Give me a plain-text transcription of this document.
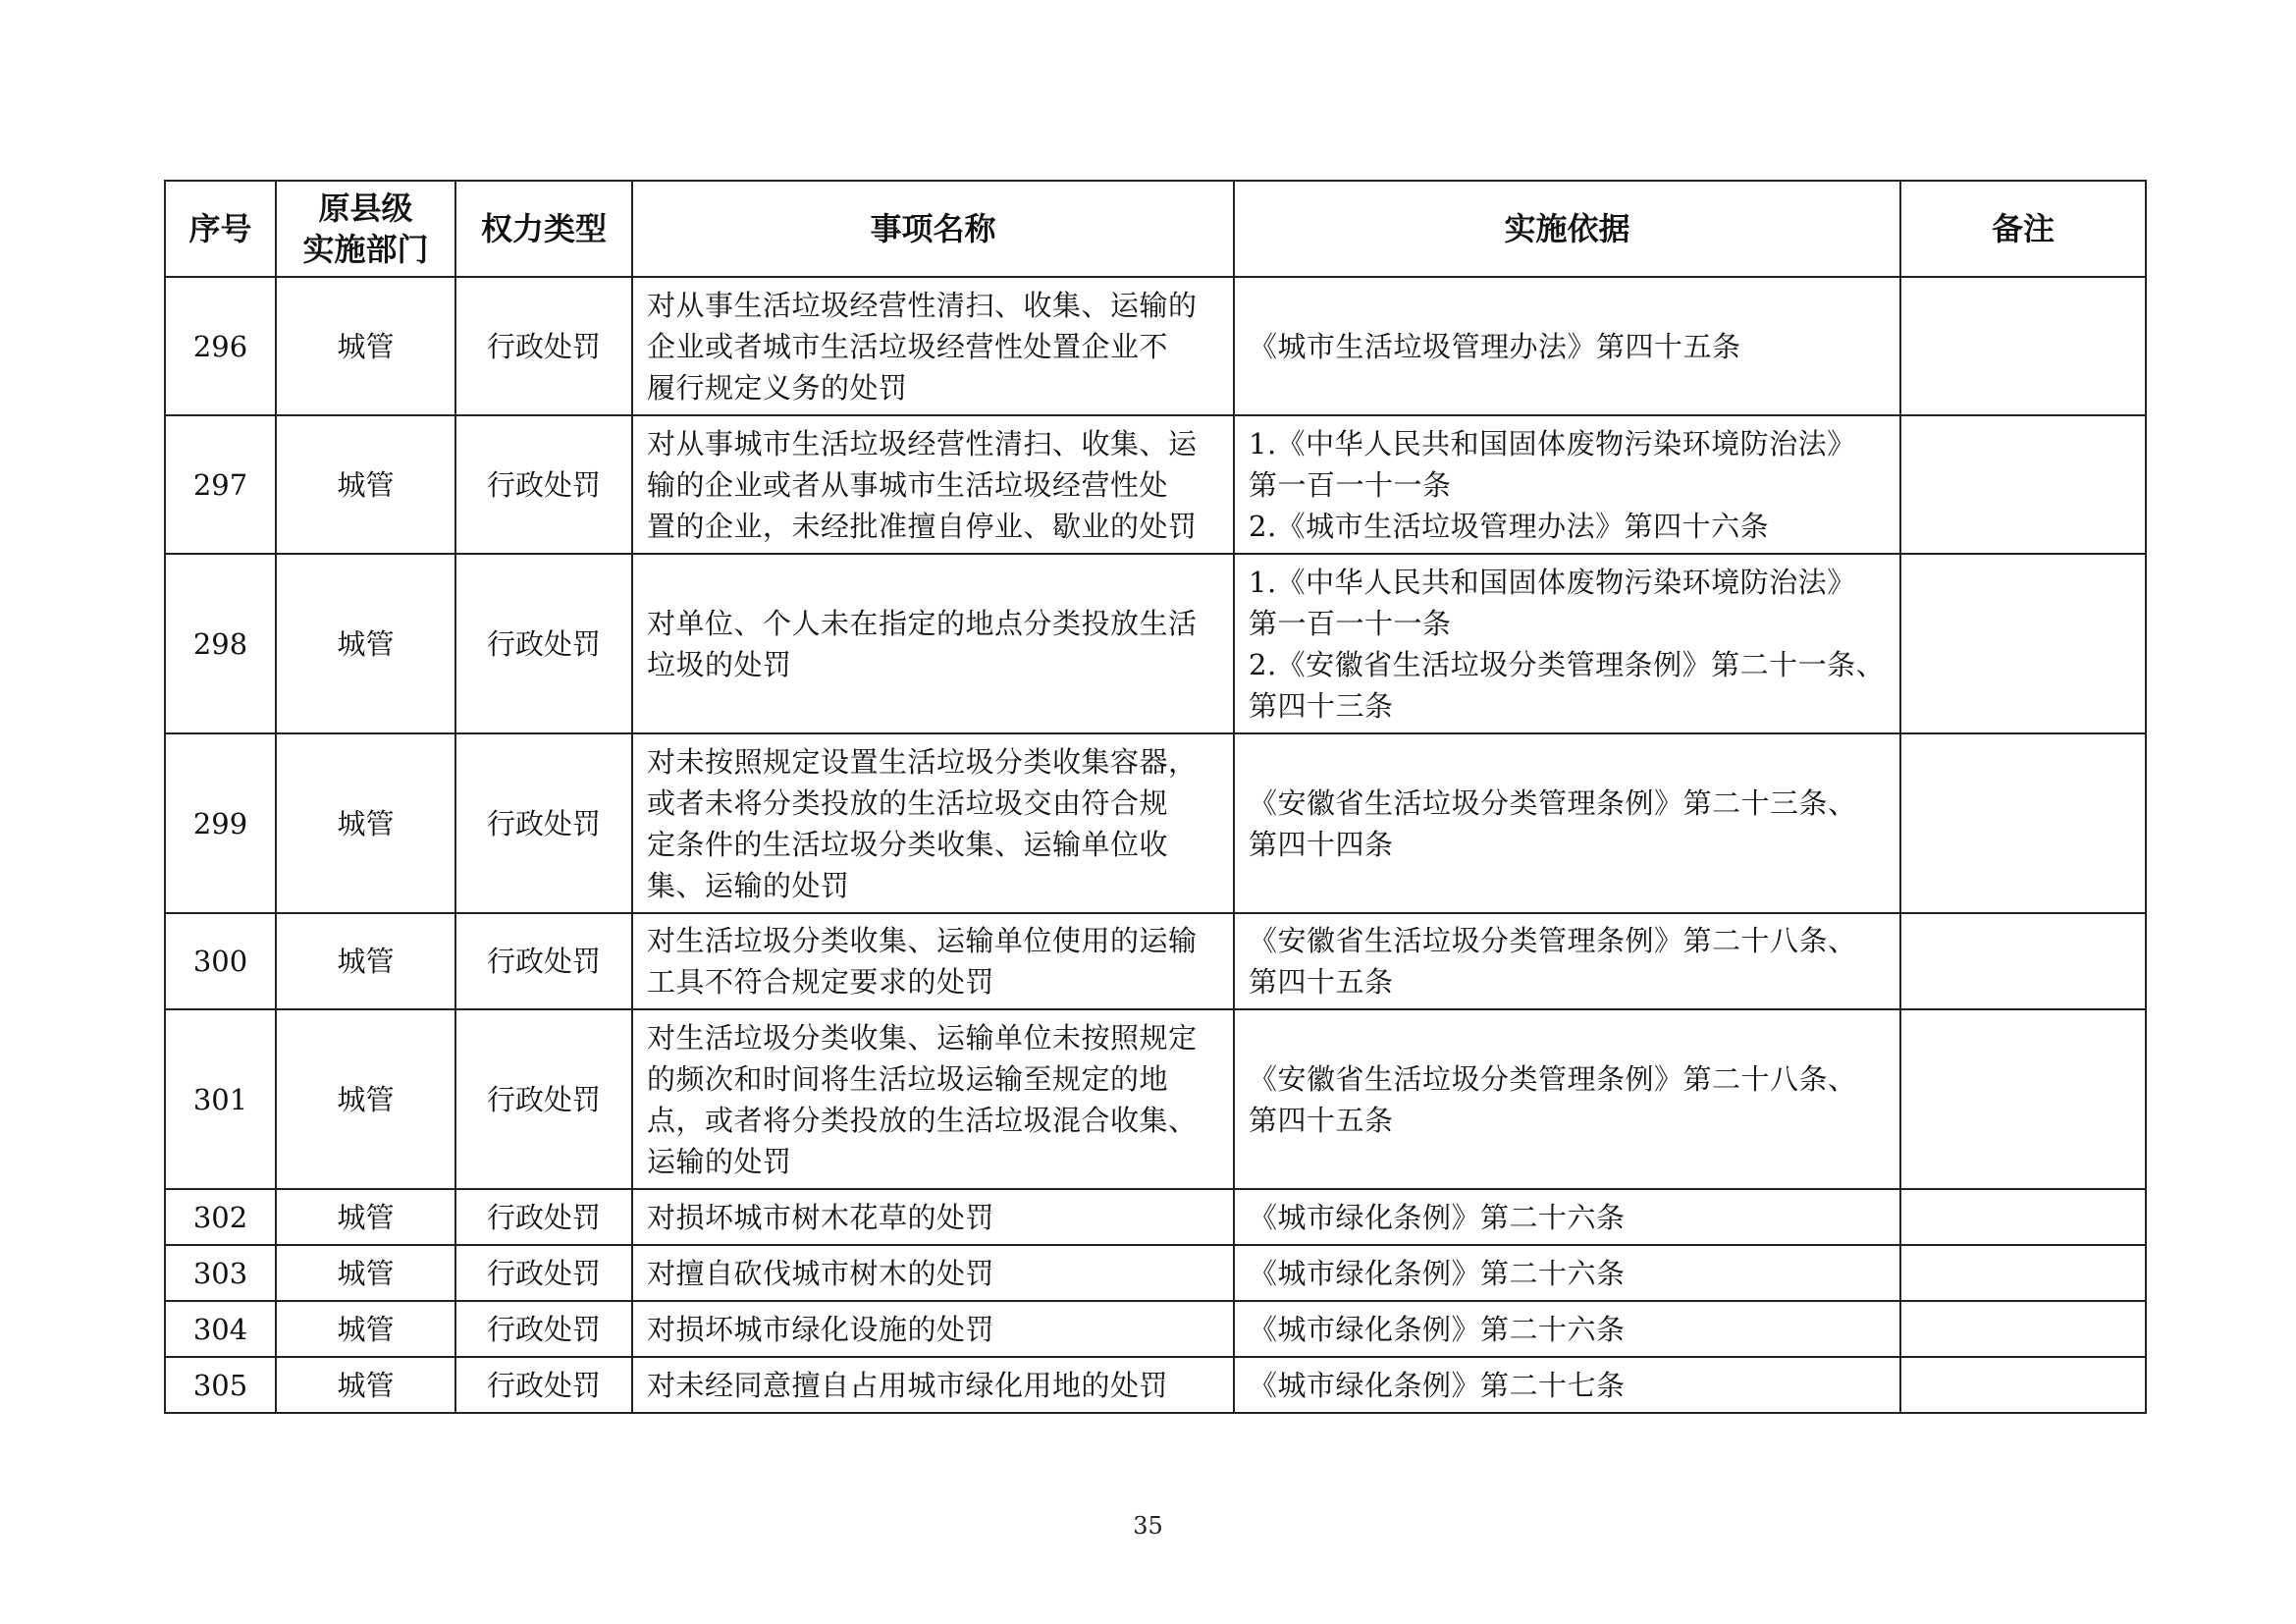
序号	原县级
实施部门	权力类型	事项名称	实施依据	备注
296	城管	行政处罚	对从事生活垃圾经营性清扫、收集、运输的
企业或者城市生活垃圾经营性处置企业不
履行规定义务的处罚	《城市生活垃圾管理办法》第四十五条	

297	城管	行政处罚	对从事城市生活垃圾经营性清扫、收集、运
输的企业或者从事城市生活垃圾经营性处
置的企业，未经批准擅自停业、歇业的处罚	1.《中华人民共和国固体废物污染环境防治法》
第一百一十一条
2.《城市生活垃圾管理办法》第四十六条	

298	城管	行政处罚	对单位、个人未在指定的地点分类投放生活
垃圾的处罚	1.《中华人民共和国固体废物污染环境防治法》
第一百一十一条
2.《安徽省生活垃圾分类管理条例》第二十一条、
第四十三条	

299	城管	行政处罚	对未按照规定设置生活垃圾分类收集容器，
或者未将分类投放的生活垃圾交由符合规
定条件的生活垃圾分类收集、运输单位收
集、运输的处罚	《安徽省生活垃圾分类管理条例》第二十三条、
第四十四条	

300	城管	行政处罚	对生活垃圾分类收集、运输单位使用的运输
工具不符合规定要求的处罚	《安徽省生活垃圾分类管理条例》第二十八条、
第四十五条	

301	城管	行政处罚	对生活垃圾分类收集、运输单位未按照规定
的频次和时间将生活垃圾运输至规定的地
点，或者将分类投放的生活垃圾混合收集、
运输的处罚	《安徽省生活垃圾分类管理条例》第二十八条、
第四十五条	

302	城管	行政处罚	对损坏城市树木花草的处罚	《城市绿化条例》第二十六条	

303	城管	行政处罚	对擅自砍伐城市树木的处罚	《城市绿化条例》第二十六条	

304	城管	行政处罚	对损坏城市绿化设施的处罚	《城市绿化条例》第二十六条	

305	城管	行政处罚	对未经同意擅自占用城市绿化用地的处罚	《城市绿化条例》第二十七条	

35
